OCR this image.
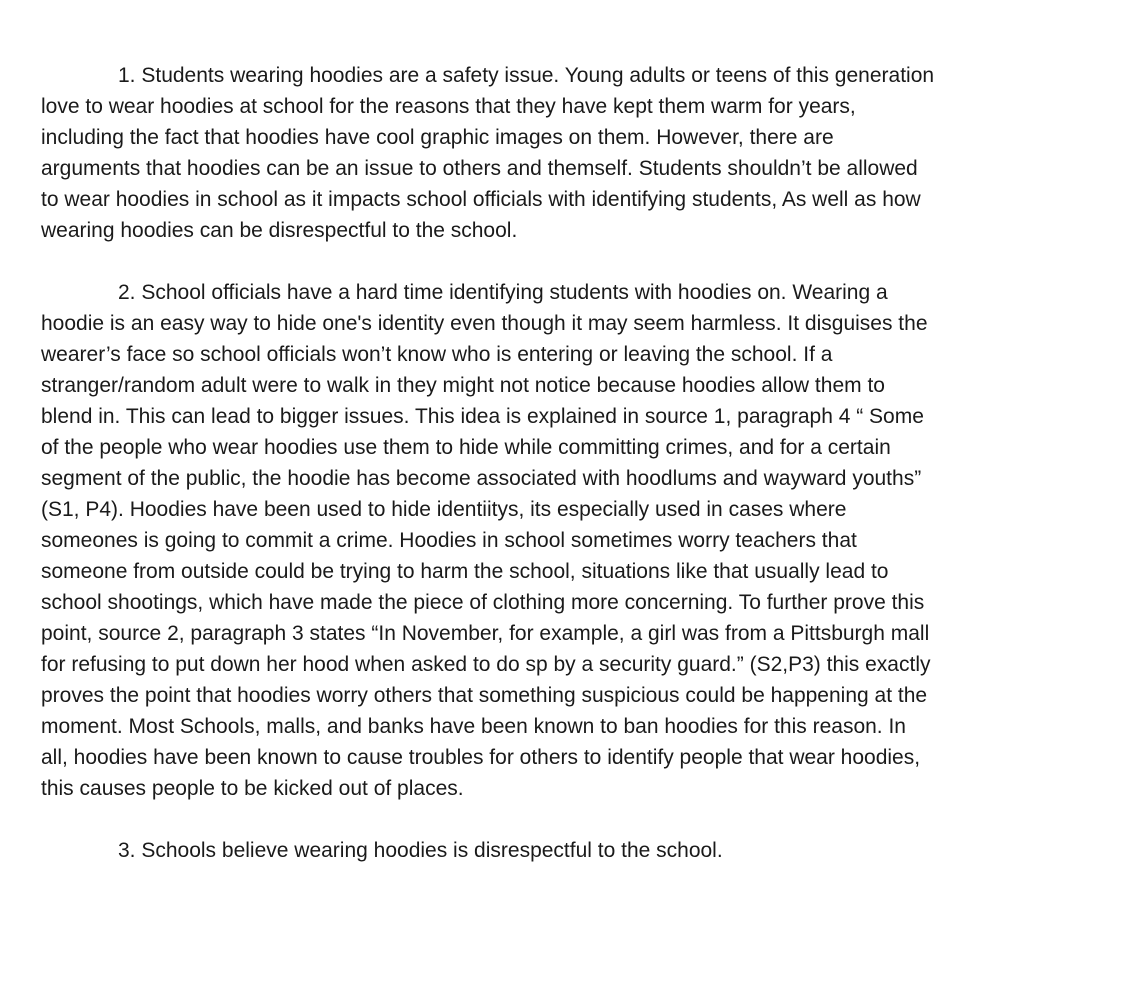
1. Students wearing hoodies are a safety issue. Young adults or teens of this generation
love to wear hoodies at school for the reasons that they have kept them warm for years,
including the fact that hoodies have cool graphic images on them. However, there are
arguments that hoodies can be an issue to others and themself. Students shouldn’t be allowed
to wear hoodies in school as it impacts school officials with identifying students, As well as how
wearing hoodies can be disrespectful to the school.
2. School officials have a hard time identifying students with hoodies on. Wearing a
hoodie is an easy way to hide one's identity even though it may seem harmless. It disguises the
wearer’s face so school officials won’t know who is entering or leaving the school. If a
stranger/random adult were to walk in they might not notice because hoodies allow them to
blend in. This can lead to bigger issues. This idea is explained in source 1, paragraph 4 “ Some
of the people who wear hoodies use them to hide while committing crimes, and for a certain
segment of the public, the hoodie has become associated with hoodlums and wayward youths”
(S1, P4). Hoodies have been used to hide identiitys, its especially used in cases where
someones is going to commit a crime. Hoodies in school sometimes worry teachers that
someone from outside could be trying to harm the school, situations like that usually lead to
school shootings, which have made the piece of clothing more concerning. To further prove this
point, source 2, paragraph 3 states “In November, for example, a girl was from a Pittsburgh mall
for refusing to put down her hood when asked to do sp by a security guard.” (S2,P3) this exactly
proves the point that hoodies worry others that something suspicious could be happening at the
moment. Most Schools, malls, and banks have been known to ban hoodies for this reason. In
all, hoodies have been known to cause troubles for others to identify people that wear hoodies,
this causes people to be kicked out of places.
3. Schools believe wearing hoodies is disrespectful to the school.
